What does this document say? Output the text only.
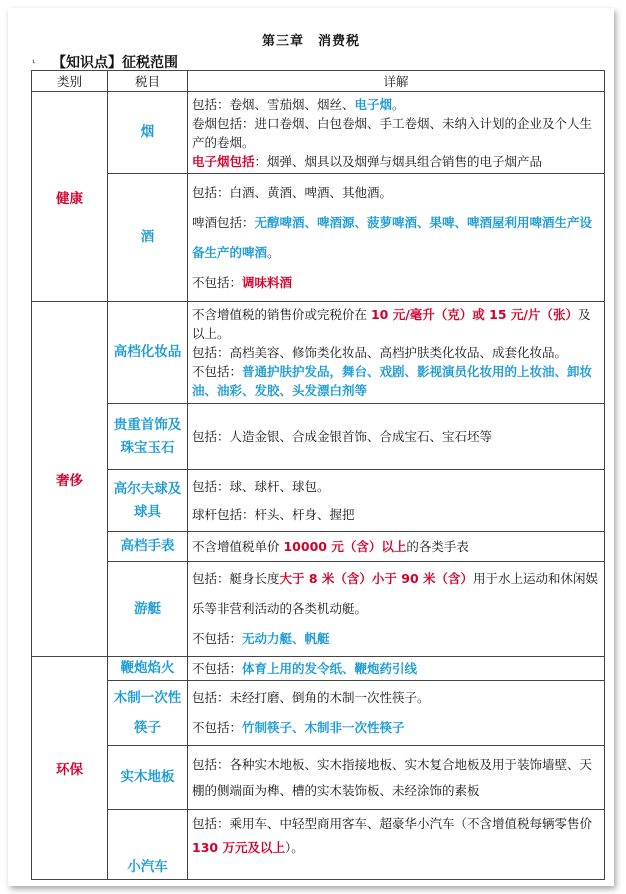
第三章　消费税
⸤ 【知识点】征税范围
类别	税目	详解
健康	烟	包括：卷烟、雪茄烟、烟丝、电子烟。

卷烟包括：进口卷烟、白包卷烟、手工卷烟、未纳入计划的企业及个人生产的卷烟。

电子烟包括：烟弹、烟具以及烟弹与烟具组合销售的电子烟产品

	酒	包括：白酒、黄酒、啤酒、其他酒。

啤酒包括：无醇啤酒、啤酒源、菠萝啤酒、果啤、啤酒屋利用啤酒生产设备生产的啤酒。

不包括：调味料酒

奢侈	高档化妆品	不含增值税的销售价或完税价在 10 元/毫升（克）或 15 元/片（张）及以上。

包括：高档美容、修饰类化妆品、高档护肤类化妆品、成套化妆品。

不包括：普通护肤护发品，舞台、戏剧、影视演员化妆用的上妆油、卸妆油、油彩、发胶、头发漂白剂等

	贵重首饰及珠宝玉石	包括：人造金银、合成金银首饰、合成宝石、宝石坯等
	高尔夫球及球具	包括：球、球杆、球包。

球杆包括：杆头、杆身、握把

	高档手表	不含增值税单价 10000 元（含）以上的各类手表
	游艇	包括：艇身长度大于 8 米（含）小于 90 米（含）用于水上运动和休闲娱乐等非营利活动的各类机动艇。

不包括：无动力艇、帆艇

环保	鞭炮焰火	不包括：体育上用的发令纸、鞭炮药引线
	木制一次性筷子	包括：未经打磨、倒角的木制一次性筷子。

不包括：竹制筷子、木制非一次性筷子

	实木地板	包括：各种实木地板、实木指接地板、实木复合地板及用于装饰墙壁、天棚的侧端面为榫、槽的实木装饰板、未经涂饰的素板
	小汽车	包括：乘用车、中轻型商用客车、超豪华小汽车（不含增值税每辆零售价 130 万元及以上）。
